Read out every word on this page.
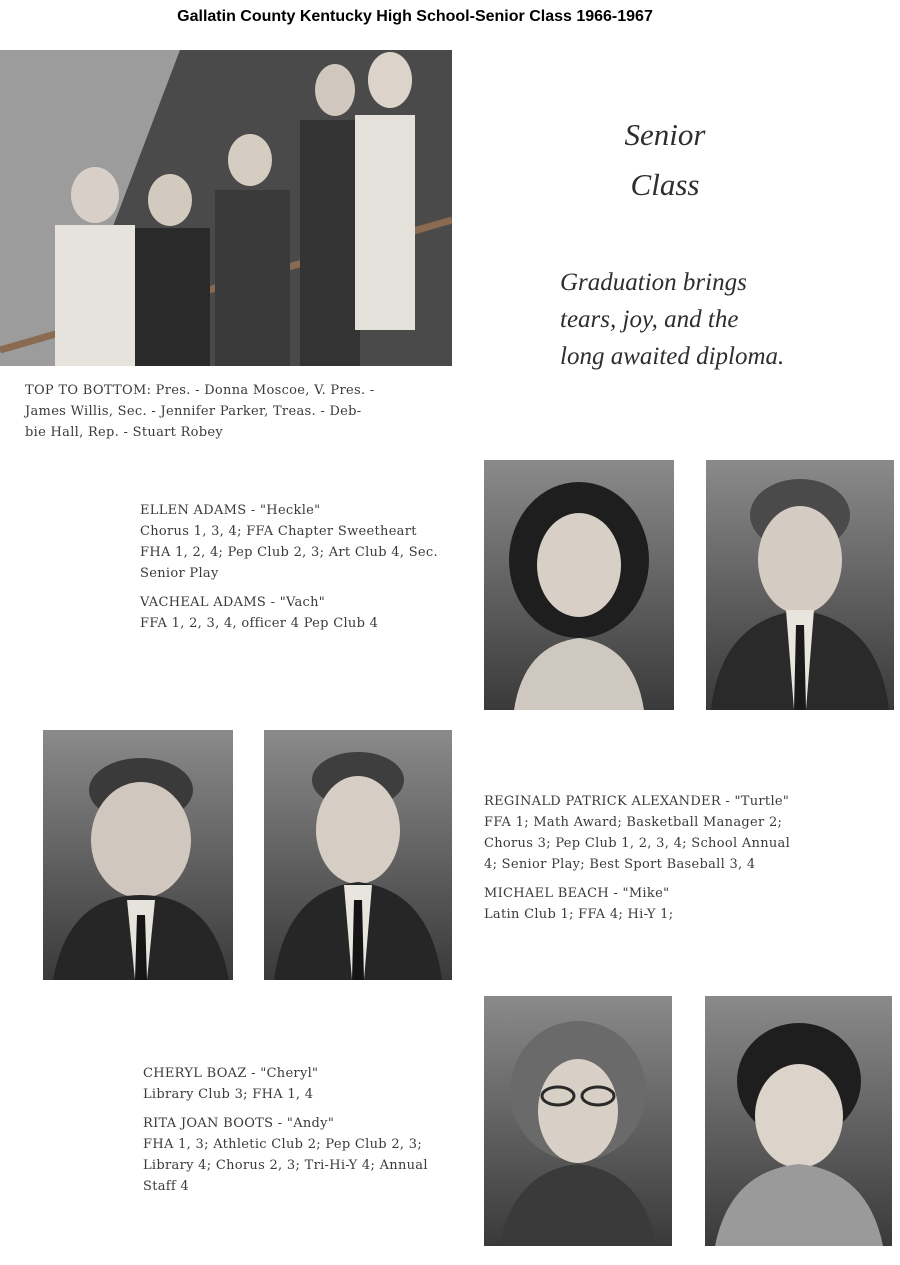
Gallatin County Kentucky High School-Senior Class 1966-1967
Senior
Class
Graduation brings
tears, joy, and the
long awaited diploma.
TOP TO BOTTOM: Pres. - Donna Moscoe, V. Pres. -
James Willis, Sec. - Jennifer Parker, Treas. - Deb-
bie Hall, Rep. - Stuart Robey
ELLEN ADAMS - "Heckle"
Chorus 1, 3, 4; FFA Chapter Sweetheart
FHA 1, 2, 4; Pep Club 2, 3; Art Club 4, Sec.
Senior Play
VACHEAL ADAMS - "Vach"
FFA 1, 2, 3, 4, officer 4 Pep Club 4
REGINALD PATRICK ALEXANDER - "Turtle"
FFA 1; Math Award; Basketball Manager 2;
Chorus 3; Pep Club 1, 2, 3, 4; School Annual
4; Senior Play; Best Sport Baseball 3, 4
MICHAEL BEACH - "Mike"
Latin Club 1; FFA 4; Hi-Y 1;
CHERYL BOAZ - "Cheryl"
Library Club 3; FHA 1, 4
RITA JOAN BOOTS - "Andy"
FHA 1, 3; Athletic Club 2; Pep Club 2, 3;
Library 4; Chorus 2, 3; Tri-Hi-Y 4; Annual
Staff 4
